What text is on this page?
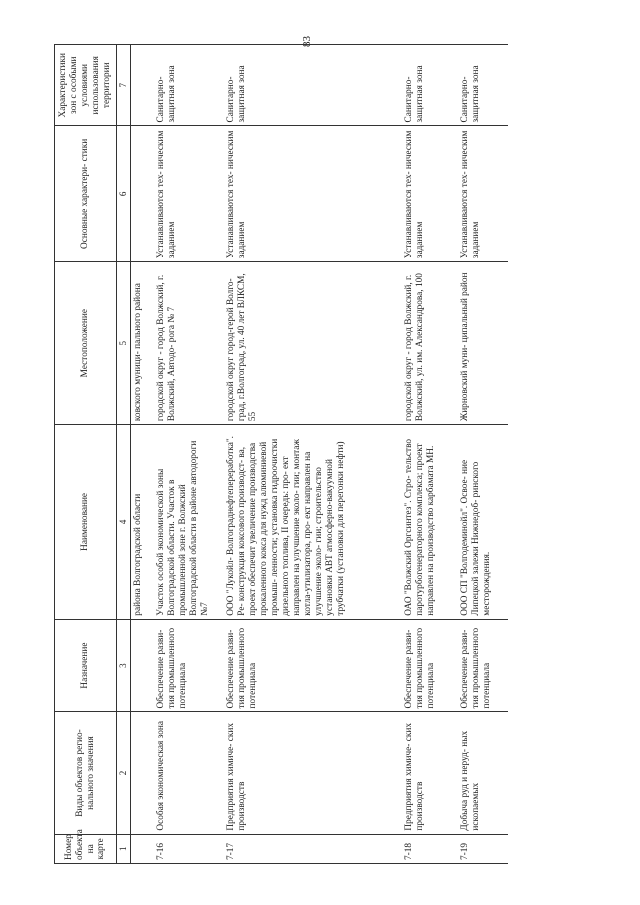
83
Номер объекта на карте	Виды объектов регио- нального значения	Назначение	Наименование	Местоположение	Основные характери- стики	Характеристики зон с особыми условиями использования территории
1	2	3	4	5	6	7
			района Волгоградской области	ковского муници- пального района		
7-16	Особая экономическая зона	Обеспечение разви- тия промышленного потенциала	Участок особой экономической зоны Волгоградской области. Участок в промышленной зоне г. Волжский Волгоградской области в районе автодороги №7	городской округ - город Волжский, г. Волжский, Автодо- рога № 7	Устанавливаются тех- ническим заданием	Санитарно- защитная зона
7-17	Предприятия химиче- ских производств	Обеспечение разви- тия промышленного потенциала	ООО "Лукойл- Волгограднефтепереработка". Ре- конструкция коксового производст- ва, проект обеспечит увеличение производства прокаленного кокса для нужд алюминиевой промыш- ленности; установка гидроочистки дизельного топлива, II очередь: про- ект направлен на улучшение эколо- гии; монтаж котла-утилизатора, про- ект направлен на улучшение эколо- гии; строительство установки АВТ атмосферно-вакуумной трубчатки (установки для перегонки нефти)	городской округ город-герой Волго- град, г.Волгоград, ул. 40 лет ВЛКСМ, 55	Устанавливаются тех- ническим заданием	Санитарно- защитная зона
7-18	Предприятия химиче- ских производств	Обеспечение разви- тия промышленного потенциала	ОАО "Волжский Оргсинтез". Стро- тельство паротурбогенераторного комплекса; проект направлен на производство карбамата МН.	городской округ - город Волжский, г. Волжский, ул. им. Александрова, 100	Устанавливаются тех- ническим заданием	Санитарно- защитная зона
7-19	Добыча руд и неруд- ных ископаемых	Обеспечение разви- тия промышленного потенциала	ООО СП "Волгодеминойл". Освое- ние Липецкой залежи Нижнедоб- ринского месторождения.	Жирновский муни- ципальный район	Устанавливаются тех- ническим заданием	Санитарно- защитная зона
